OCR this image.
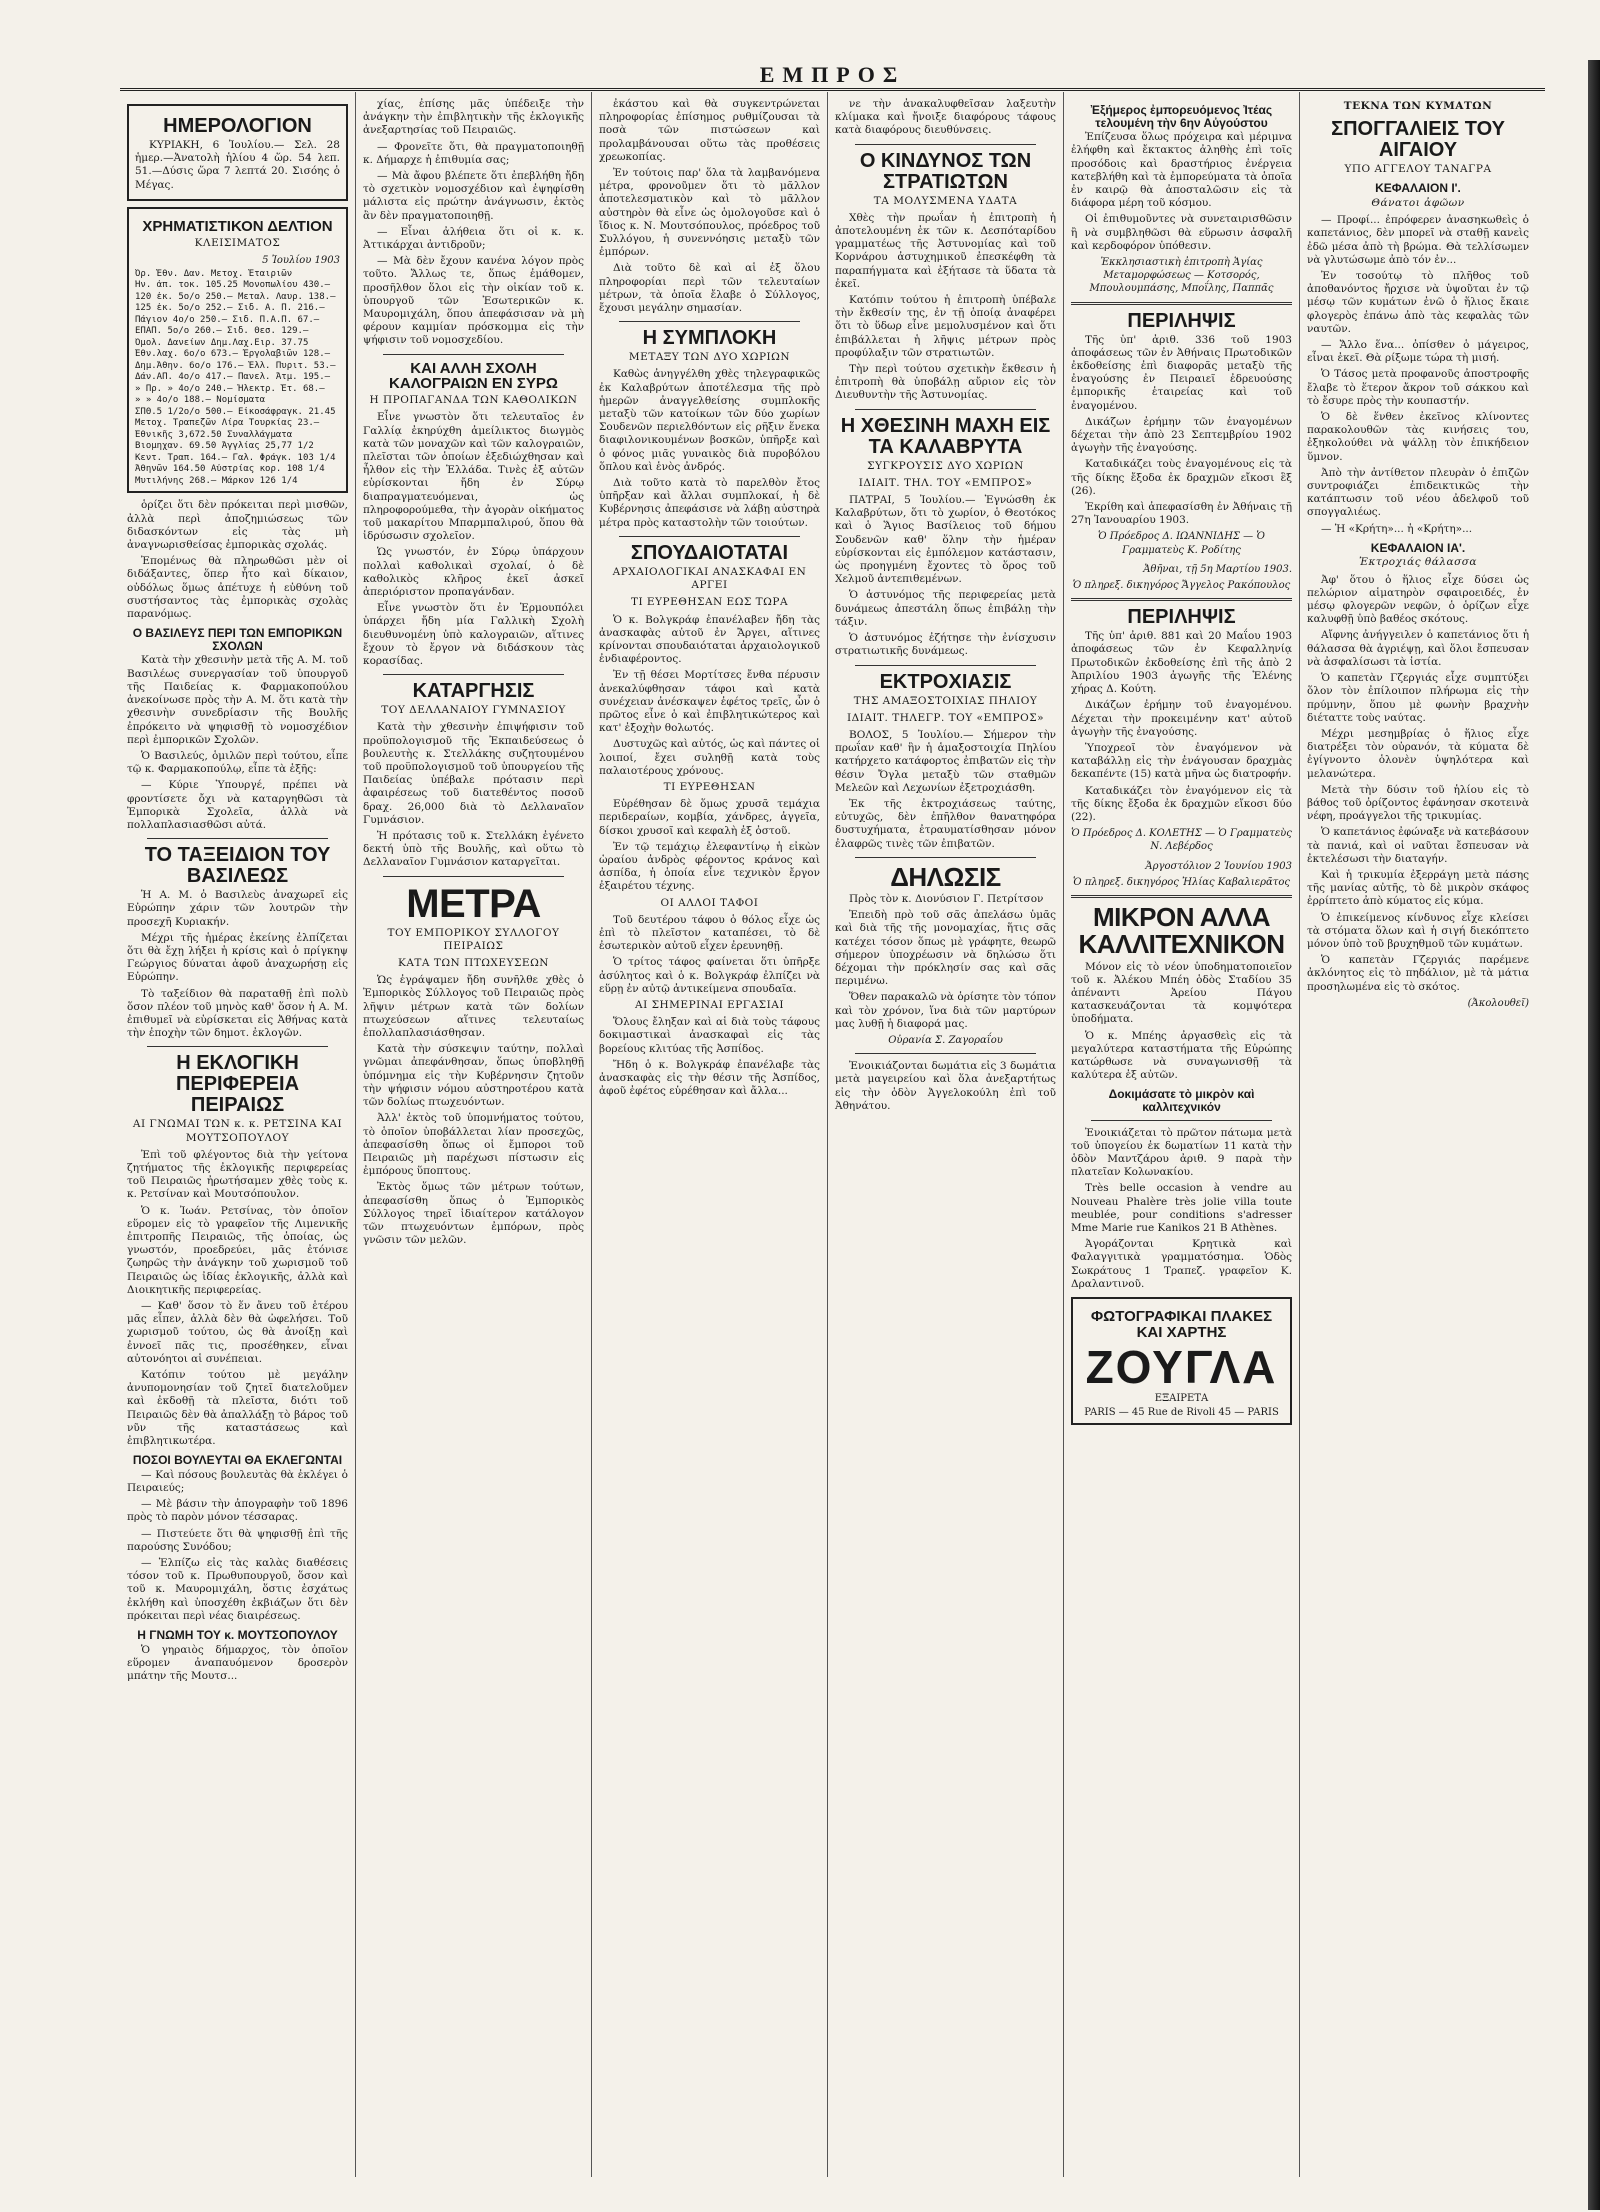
ΕΜΠΡΟΣ
ΗΜΕΡΟΛΟΓΙΟΝ

ΚΥΡΙΑΚΗ, 6 Ἰουλίου.— Σελ. 28 ἡμερ.—Ἀνατολὴ ἡλίου 4 ὥρ. 54 λεπ. 51.—Δύσις ὥρα 7 λεπτά 20. Σισόης ὁ Μέγας.

ΧΡΗΜΑΤΙΣΤΙΚΟΝ ΔΕΛΤΙΟΝ
ΚΛΕΙΣΙΜΑΤΟΣ
5 Ἰουλίου 1903
Ὀρ. Ἐθν. Δαν. Μετοχ. Ἑταιριῶν
Ἡν. ἀπ. τοκ. 105.25 Μονοπωλίου 430.—
120 ἐκ. 5ο/ο 250.— Μεταλ. Λαυρ. 138.—
125 ἐκ. 5ο/ο 252.— Σιδ. Α. Π. 216.—
Πάγιον 4ο/ο 250.— Σιδ. Π.Α.Π. 67.—
ΕΠΑΠ. 5ο/ο 260.— Σιδ. Θεσ. 129.—
Ὁμολ. Δανείων Δημ.Λαχ.Ειρ. 37.75
Ἐθν.λαχ. 6ο/ο 673.— Ἐργολαβιῶν 128.—
Δημ.Ἀθην. 6ο/ο 176.— Ἑλλ. Πυριτ. 53.—
Δάν.ΑΠ. 4ο/ο 417.— Πανελ. Ἀτμ. 195.—
» Πρ. » 4ο/ο 240.— Ἠλεκτρ. Ἑτ. 68.—
» » 4ο/ο 188.— Νομίσματα
ΣΠΘ.5 1/2ο/ο 500.— Εἰκοσάφραγκ. 21.45
Μετοχ. Τραπεζῶν Λίρα Τουρκίας 23.—
Ἐθνικῆς 3,672.50 Συναλλάγματα
Βιομηχαν. 69.50 Ἀγγλίας 25,77 1/2
Κεντ. Τραπ. 164.— Γαλ. Φράγκ. 103 1/4
Ἀθηνῶν 164.50 Αὐστρίας κορ. 108 1/4
Μυτιλήνης 268.— Μάρκον 126 1/4

ὁρίζει ὅτι δὲν πρόκειται περὶ μισθῶν, ἀλλὰ περὶ ἀποζημιώσεως τῶν διδασκόντων εἰς τὰς μὴ ἀναγνωρισθείσας ἐμπορικὰς σχολάς.

Ἐπομένως θὰ πληρωθῶσι μὲν οἱ διδάξαντες, ὅπερ ἦτο καὶ δίκαιον, οὐδόλως ὅμως ἀπέτυχε ἡ εὐθύνη τοῦ συστήσαντος τὰς ἐμπορικὰς σχολὰς παρανόμως.

Ο ΒΑΣΙΛΕΥΣ ΠΕΡΙ ΤΩΝ ΕΜΠΟΡΙΚΩΝ ΣΧΟΛΩΝ

Κατὰ τὴν χθεσινὴν μετὰ τῆς Α. Μ. τοῦ Βασιλέως συνεργασίαν τοῦ ὑπουργοῦ τῆς Παιδείας κ. Φαρμακοπούλου ἀνεκοίνωσε πρὸς τὴν Α. Μ. ὅτι κατὰ τὴν χθεσινὴν συνεδρίασιν τῆς Βουλῆς ἐπρόκειτο νὰ ψηφισθῇ τὸ νομοσχέδιον περὶ ἐμπορικῶν Σχολῶν.

Ὁ Βασιλεύς, ὁμιλῶν περὶ τούτου, εἶπε τῷ κ. Φαρμακοπούλῳ, εἶπε τὰ ἑξῆς:

— Κύριε Ὑπουργέ, πρέπει νὰ φροντίσετε ὄχι νὰ καταργηθῶσι τὰ Ἐμπορικὰ Σχολεῖα, ἀλλὰ νὰ πολλαπλασιασθῶσι αὐτά.

ΤΟ ΤΑΞΕΙΔΙΟΝ ΤΟΥ ΒΑΣΙΛΕΩΣ

Ἡ Α. Μ. ὁ Βασιλεὺς ἀναχωρεῖ εἰς Εὐρώπην χάριν τῶν λουτρῶν τὴν προσεχῆ Κυριακήν.

Μέχρι τῆς ἡμέρας ἐκείνης ἐλπίζεται ὅτι θὰ ἔχῃ λήξει ἡ κρίσις καὶ ὁ πρίγκηψ Γεώργιος δύναται ἀφοῦ ἀναχωρήσῃ εἰς Εὐρώπην.

Τὸ ταξείδιον θὰ παραταθῇ ἐπὶ πολὺ ὅσον πλέον τοῦ μηνὸς καθ' ὅσον ἡ Α. Μ. ἐπιθυμεῖ νὰ εὑρίσκεται εἰς Ἀθήνας κατὰ τὴν ἐποχὴν τῶν δημοτ. ἐκλογῶν.

Η ΕΚΛΟΓΙΚΗ ΠΕΡΙΦΕΡΕΙΑ ΠΕΙΡΑΙΩΣ
ΑΙ ΓΝΩΜΑΙ ΤΩΝ κ. κ. ΡΕΤΣΙΝΑ ΚΑΙ ΜΟΥΤΣΟΠΟΥΛΟΥ

Ἐπὶ τοῦ φλέγοντος διὰ τὴν γείτονα ζητήματος τῆς ἐκλογικῆς περιφερείας τοῦ Πειραιῶς ἠρωτήσαμεν χθὲς τοὺς κ. κ. Ρετσίναν καὶ Μουτσόπουλον.

Ὁ κ. Ἰωάν. Ρετσίνας, τὸν ὁποῖον εὕρομεν εἰς τὸ γραφεῖον τῆς Λιμενικῆς ἐπιτροπῆς Πειραιῶς, τῆς ὁποίας, ὡς γνωστόν, προεδρεύει, μᾶς ἐτόνισε ζωηρῶς τὴν ἀνάγκην τοῦ χωρισμοῦ τοῦ Πειραιῶς ὡς ἰδίας ἐκλογικῆς, ἀλλὰ καὶ Διοικητικῆς περιφερείας.

— Καθ' ὅσον τὸ ἕν ἄνευ τοῦ ἑτέρου μᾶς εἶπεν, ἀλλὰ δὲν θὰ ὠφελήσει. Τοῦ χωρισμοῦ τούτου, ὡς θὰ ἀνοίξῃ καὶ ἐννοεῖ πᾶς τις, προσέθηκεν, εἶναι αὐτονόητοι αἱ συνέπειαι.

Κατόπιν τούτου μὲ μεγάλην ἀνυπομονησίαν τοῦ ζητεῖ διατελοῦμεν καὶ ἐκδοθῇ τὰ πλεῖστα, διότι τοῦ Πειραιῶς δὲν θὰ ἀπαλλάξῃ τὸ βάρος τοῦ νῦν τῆς καταστάσεως καὶ ἐπιβλητικωτέρα.

ΠΟΣΟΙ ΒΟΥΛΕΥΤΑΙ ΘΑ ΕΚΛΕΓΩΝΤΑΙ

— Καὶ πόσους βουλευτὰς θὰ ἐκλέγει ὁ Πειραιεύς;

— Μὲ βάσιν τὴν ἀπογραφὴν τοῦ 1896 πρὸς τὸ παρὸν μόνον τέσσαρας.

— Πιστεύετε ὅτι θὰ ψηφισθῇ ἐπὶ τῆς παρούσης Συνόδου;

— Ἐλπίζω εἰς τὰς καλὰς διαθέσεις τόσον τοῦ κ. Πρωθυπουργοῦ, ὅσον καὶ τοῦ κ. Μαυρομιχάλη, ὅστις ἐσχάτως ἐκλήθη καὶ ὑποσχέθη ἐκβιάζων ὅτι δὲν πρόκειται περὶ νέας διαιρέσεως.

Η ΓΝΩΜΗ ΤΟΥ κ. ΜΟΥΤΣΟΠΟΥΛΟΥ

Ὁ γηραιὸς δήμαρχος, τὸν ὁποῖον εὕρομεν ἀναπαυόμενον δροσερὸν μπάτην τῆς Μουτσ...

χίας, ἐπίσης μᾶς ὑπέδειξε τὴν ἀνάγκην τὴν ἐπιβλητικὴν τῆς ἐκλογικῆς ἀνεξαρτησίας τοῦ Πειραιῶς.

— Φρονεῖτε ὅτι, θὰ πραγματοποιηθῇ κ. Δήμαρχε ἡ ἐπιθυμία σας;

— Μὰ ἄφου βλέπετε ὅτι ἐπεβλήθη ἤδη τὸ σχετικὸν νομοσχέδιον καὶ ἐψηφίσθη μάλιστα εἰς πρώτην ἀνάγνωσιν, ἐκτὸς ἂν δὲν πραγματοποιηθῇ.

— Εἶναι ἀλήθεια ὅτι οἱ κ. κ. Ἀττικάρχαι ἀντιδροῦν;

— Μὰ δὲν ἔχουν κανένα λόγον πρὸς τοῦτο. Ἄλλως τε, ὅπως ἐμάθομεν, προσῆλθον ὅλοι εἰς τὴν οἰκίαν τοῦ κ. ὑπουργοῦ τῶν Ἐσωτερικῶν κ. Μαυρομιχάλη, ὅπου ἀπεφάσισαν νὰ μὴ φέρουν καμμίαν πρόσκομμα εἰς τὴν ψήφισιν τοῦ νομοσχεδίου.

ΚΑΙ ΑΛΛΗ ΣΧΟΛΗ ΚΑΛΟΓΡΑΙΩΝ ΕΝ ΣΥΡΩ
Η ΠΡΟΠΑΓΑΝΔΑ ΤΩΝ ΚΑΘΟΛΙΚΩΝ

Εἶνε γνωστὸν ὅτι τελευταῖος ἐν Γαλλίᾳ ἐκηρύχθη ἀμείλικτος διωγμὸς κατὰ τῶν μοναχῶν καὶ τῶν καλογραιῶν, πλεῖσται τῶν ὁποίων ἐξεδιώχθησαν καὶ ἦλθον εἰς τὴν Ἑλλάδα. Τινὲς ἐξ αὐτῶν εὑρίσκονται ἤδη ἐν Σύρῳ διαπραγματευόμεναι, ὡς πληροφορούμεθα, τὴν ἀγορὰν οἰκήματος τοῦ μακαρίτου Μπαρμπαλιρού, ὅπου θὰ ἱδρύσωσιν σχολεῖον.

Ὡς γνωστόν, ἐν Σύρῳ ὑπάρχουν πολλαὶ καθολικαὶ σχολαί, ὁ δὲ καθολικὸς κλῆρος ἐκεῖ ἀσκεῖ ἀπεριόριστον προπαγάνδαν.

Εἶνε γνωστὸν ὅτι ἐν Ἑρμουπόλει ὑπάρχει ἤδη μία Γαλλικὴ Σχολὴ διευθυνομένη ὑπὸ καλογραιῶν, αἵτινες ἔχουν τὸ ἔργον νὰ διδάσκουν τὰς κορασίδας.

ΚΑΤΑΡΓΗΣΙΣ
ΤΟΥ ΔΕΛΛΑΝΑΙΟΥ ΓΥΜΝΑΣΙΟΥ

Κατὰ τὴν χθεσινὴν ἐπιψήφισιν τοῦ προϋπολογισμοῦ τῆς Ἐκπαιδεύσεως ὁ βουλευτὴς κ. Στελλάκης συζητουμένου τοῦ προϋπολογισμοῦ τοῦ ὑπουργείου τῆς Παιδείας ὑπέβαλε πρότασιν περὶ ἀφαιρέσεως τοῦ διατεθέντος ποσοῦ δραχ. 26,000 διὰ τὸ Δελλαναῖον Γυμνάσιον.

Ἡ πρότασις τοῦ κ. Στελλάκη ἐγένετο δεκτή ὑπὸ τῆς Βουλῆς, καὶ οὕτω τὸ Δελλαναῖον Γυμνάσιον καταργεῖται.

ΜΕΤΡΑ
ΤΟΥ ΕΜΠΟΡΙΚΟΥ ΣΥΛΛΟΓΟΥ ΠΕΙΡΑΙΩΣ
ΚΑΤΑ ΤΩΝ ΠΤΩΧΕΥΣΕΩΝ

Ὡς ἐγράψαμεν ἤδη συνῆλθε χθὲς ὁ Ἐμπορικὸς Σύλλογος τοῦ Πειραιῶς πρὸς λῆψιν μέτρων κατὰ τῶν δολίων πτωχεύσεων αἵτινες τελευταίως ἐπολλαπλασιάσθησαν.

Κατὰ τὴν σύσκεψιν ταύτην, πολλαὶ γνῶμαι ἀπεφάνθησαν, ὅπως ὑποβληθῇ ὑπόμνημα εἰς τὴν Κυβέρνησιν ζητοῦν τὴν ψήφισιν νόμου αὐστηροτέρου κατὰ τῶν δολίως πτωχευόντων.

Ἀλλ' ἐκτὸς τοῦ ὑπομνήματος τούτου, τὸ ὁποῖον ὑποβάλλεται λίαν προσεχῶς, ἀπεφασίσθη ὅπως οἱ ἔμποροι τοῦ Πειραιῶς μὴ παρέχωσι πίστωσιν εἰς ἐμπόρους ὕποπτους.

Ἐκτὸς ὅμως τῶν μέτρων τούτων, ἀπεφασίσθη ὅπως ὁ Ἐμπορικὸς Σύλλογος τηρεῖ ἰδιαίτερον κατάλογον τῶν πτωχευόντων ἐμπόρων, πρὸς γνῶσιν τῶν μελῶν.

ἐκάστου καὶ θὰ συγκεντρώνεται πληροφορίας ἐπίσημος ρυθμίζουσαι τὰ ποσὰ τῶν πιστώσεων καὶ προλαμβάνουσαι οὕτω τὰς προθέσεις χρεωκοπίας.

Ἐν τούτοις παρ' ὅλα τὰ λαμβανόμενα μέτρα, φρονοῦμεν ὅτι τὸ μᾶλλον ἀποτελεσματικὸν καὶ τὸ μᾶλλον αὐστηρὸν θὰ εἶνε ὡς ὁμολογοῦσε καὶ ὁ ἴδιος κ. Ν. Μουτσόπουλος, πρόεδρος τοῦ Συλλόγου, ἡ συνεννόησις μεταξὺ τῶν ἐμπόρων.

Διὰ τοῦτο δὲ καὶ αἱ ἐξ ὅλου πληροφορίαι περὶ τῶν τελευταίων μέτρων, τὰ ὁποῖα ἔλαβε ὁ Σύλλογος, ἔχουσι μεγάλην σημασίαν.

Η ΣΥΜΠΛΟΚΗ
ΜΕΤΑΞΥ ΤΩΝ ΔΥΟ ΧΩΡΙΩΝ

Καθὼς ἀνηγγέλθη χθὲς τηλεγραφικῶς ἐκ Καλαβρύτων ἀποτέλεσμα τῆς πρὸ ἡμερῶν ἀναγγελθείσης συμπλοκῆς μεταξὺ τῶν κατοίκων τῶν δύο χωρίων Σουδενῶν περιελθόντων εἰς ρῆξιν ἕνεκα διαφιλονικουμένων βοσκῶν, ὑπῆρξε καὶ ὁ φόνος μιᾶς γυναικὸς διὰ πυροβόλου ὅπλου καὶ ἑνὸς ἀνδρός.

Διὰ τοῦτο κατὰ τὸ παρελθὸν ἔτος ὑπῆρξαν καὶ ἄλλαι συμπλοκαί, ἡ δὲ Κυβέρνησις ἀπεφάσισε νὰ λάβῃ αὐστηρὰ μέτρα πρὸς καταστολὴν τῶν τοιούτων.

ΣΠΟΥΔΑΙΟΤΑΤΑΙ
ΑΡΧΑΙΟΛΟΓΙΚΑΙ ΑΝΑΣΚΑΦΑΙ ΕΝ ΑΡΓΕΙ
ΤΙ ΕΥΡΕΘΗΣΑΝ ΕΩΣ ΤΩΡΑ

Ὁ κ. Βολγκράφ ἐπανέλαβεν ἤδη τὰς ἀνασκαφὰς αὐτοῦ ἐν Ἄργει, αἵτινες κρίνονται σπουδαιόταται ἀρχαιολογικοῦ ἐνδιαφέροντος.

Ἐν τῇ θέσει Μορτίτσες ἔνθα πέρυσιν ἀνεκαλύφθησαν τάφοι καὶ κατὰ συνέχειαν ἀνέσκαψεν ἐφέτος τρεῖς, ὧν ὁ πρῶτος εἶνε ὁ καὶ ἐπιβλητικώτερος καὶ κατ' ἐξοχὴν θολωτός.

Δυστυχῶς καὶ αὐτός, ὡς καὶ πάντες οἱ λοιποί, ἔχει συληθῇ κατὰ τοὺς παλαιοτέρους χρόνους.

ΤΙ ΕΥΡΕΘΗΣΑΝ

Εὑρέθησαν δὲ ὅμως χρυσᾶ τεμάχια περιδεραίων, κομβία, χάνδρες, ἀγγεῖα, δίσκοι χρυσοῖ καὶ κεφαλὴ ἐξ ὀστοῦ.

Ἐν τῷ τεμάχιῳ ἐλεφαντίνῳ ἡ εἰκὼν ὡραίου ἀνδρὸς φέροντος κράνος καὶ ἀσπίδα, ἡ ὁποία εἶνε τεχνικὸν ἔργον ἐξαιρέτου τέχνης.

ΟΙ ΑΛΛΟΙ ΤΑΦΟΙ

Τοῦ δευτέρου τάφου ὁ θόλος εἶχε ὡς ἐπὶ τὸ πλεῖστον καταπέσει, τὸ δὲ ἐσωτερικὸν αὐτοῦ εἶχεν ἐρευνηθῇ.

Ὁ τρίτος τάφος φαίνεται ὅτι ὑπῆρξε ἀσύλητος καὶ ὁ κ. Βολγκράφ ἐλπίζει νὰ εὕρῃ ἐν αὐτῷ ἀντικείμενα σπουδαῖα.

ΑΙ ΣΗΜΕΡΙΝΑΙ ΕΡΓΑΣΙΑΙ

Ὅλους ἔληξαν καὶ αἱ διὰ τοὺς τάφους δοκιμαστικαὶ ἀνασκαφαὶ εἰς τὰς βορείους κλιτύας τῆς Ἀσπίδος.

Ἤδη ὁ κ. Βολγκράφ ἐπανέλαβε τὰς ἀνασκαφὰς εἰς τὴν θέσιν τῆς Ἀσπίδος, ἀφοῦ ἐφέτος εὑρέθησαν καὶ ἄλλα...

νε τὴν ἀνακαλυφθεῖσαν λαξευτὴν κλίμακα καὶ ἤνοιξε διαφόρους τάφους κατὰ διαφόρους διευθύνσεις.

Ο ΚΙΝΔΥΝΟΣ ΤΩΝ ΣΤΡΑΤΙΩΤΩΝ
ΤΑ ΜΟΛΥΣΜΕΝΑ ΥΔΑΤΑ

Χθὲς τὴν πρωΐαν ἡ ἐπιτροπὴ ἡ ἀποτελουμένη ἐκ τῶν κ. Δεσπόταρίδου γραμματέως τῆς Ἀστυνομίας καὶ τοῦ Κορνάρου ἀστυχημικοῦ ἐπεσκέφθη τὰ παραπήγματα καὶ ἐξήτασε τὰ ὕδατα τὰ ἐκεῖ.

Κατόπιν τούτου ἡ ἐπιτροπὴ ὑπέβαλε τὴν ἔκθεσίν της, ἐν τῇ ὁποίᾳ ἀναφέρει ὅτι τὸ ὕδωρ εἶνε μεμολυσμένον καὶ ὅτι ἐπιβάλλεται ἡ λῆψις μέτρων πρὸς προφύλαξιν τῶν στρατιωτῶν.

Τὴν περὶ τούτου σχετικὴν ἔκθεσιν ἡ ἐπιτροπὴ θὰ ὑποβάλῃ αὔριον εἰς τὸν Διευθυντὴν τῆς Ἀστυνομίας.

Η ΧΘΕΣΙΝΗ ΜΑΧΗ ΕΙΣ ΤΑ ΚΑΛΑΒΡΥΤΑ
ΣΥΓΚΡΟΥΣΙΣ ΔΥΟ ΧΩΡΙΩΝ
ΙΔΙΑΙΤ. ΤΗΛ. ΤΟΥ «ΕΜΠΡΟΣ»

ΠΑΤΡΑΙ, 5 Ἰουλίου.— Ἐγνώσθη ἐκ Καλαβρύτων, ὅτι τὸ χωρίον, ὁ Θεοτόκος καὶ ὁ Ἅγιος Βασίλειος τοῦ δήμου Σουδενῶν καθ' ὅλην τὴν ἡμέραν εὑρίσκονται εἰς ἐμπόλεμον κατάστασιν, ὡς προηγμένη ἔχοντες τὸ ὅρος τοῦ Χελμοῦ ἀντεπιθεμένων.

Ὁ ἀστυνόμος τῆς περιφερείας μετὰ δυνάμεως ἀπεστάλη ὅπως ἐπιβάλῃ τὴν τάξιν.

Ὁ ἀστυνόμος ἐζήτησε τὴν ἐνίσχυσιν στρατιωτικῆς δυνάμεως.

ΕΚΤΡΟΧΙΑΣΙΣ
ΤΗΣ ΑΜΑΞΟΣΤΟΙΧΙΑΣ ΠΗΛΙΟΥ
ΙΔΙΑΙΤ. ΤΗΛΕΓΡ. ΤΟΥ «ΕΜΠΡΟΣ»

ΒΟΛΟΣ, 5 Ἰουλίου.— Σήμερον τὴν πρωΐαν καθ' ἣν ἡ ἁμαξοστοιχία Πηλίου κατήρχετο κατάφορτος ἐπιβατῶν εἰς τὴν θέσιν Ὄγλα μεταξὺ τῶν σταθμῶν Μελεῶν καὶ Λεχωνίων ἐξετροχιάσθη.

Ἐκ τῆς ἐκτροχιάσεως ταύτης, εὐτυχῶς, δὲν ἐπῆλθον θανατηφόρα δυστυχήματα, ἐτραυματίσθησαν μόνον ἐλαφρῶς τινὲς τῶν ἐπιβατῶν.

ΔΗΛΩΣΙΣ

Πρὸς τὸν κ. Διονύσιον Γ. Πετρίτσον

Ἐπειδὴ πρὸ τοῦ σᾶς ἀπελάσω ὑμᾶς καὶ διὰ τῆς τῆς μονομαχίας, ἥτις σᾶς κατέχει τόσον ὅπως μὲ γράφητε, θεωρῶ σήμερον ὑποχρέωσιν νὰ δηλώσω ὅτι δέχομαι τὴν πρόκλησίν σας καὶ σᾶς περιμένω.

Ὅθεν παρακαλῶ νὰ ὁρίσητε τὸν τόπον καὶ τὸν χρόνον, ἵνα διὰ τῶν μαρτύρων μας λυθῇ ἡ διαφορά μας.

Οὐρανία Σ. Ζαγοραΐου

Ἐνοικιάζονται δωμάτια εἰς 3 δωμάτια μετὰ μαγειρείου καὶ ὅλα ἀνεξαρτήτως εἰς τὴν ὁδὸν Ἀγγελοκούλη ἐπὶ τοῦ Ἀθηνάτου.

Ἐξήμερος ἐμπορευόμενος Ἰτέας τελουμένη τὴν 6ην Αὐγούστου

Ἐπίζευσα ὅλως πρόχειρα καὶ μέριμνα ἐλήφθη καὶ ἔκτακτος ἀληθὴς ἐπὶ τοῖς προσόδοις καὶ δραστήριος ἐνέργεια κατεβλήθη καὶ τὰ ἐμπορεύματα τὰ ὁποῖα ἐν καιρῷ θὰ ἀποσταλῶσιν εἰς τὰ διάφορα μέρη τοῦ κόσμου.

Οἱ ἐπιθυμοῦντες νὰ συνεταιρισθῶσιν ἢ νὰ συμβληθῶσι θὰ εὕρωσιν ἀσφαλῆ καὶ κερδοφόρον ὑπόθεσιν.

Ἐκκλησιαστικὴ ἐπιτροπὴ Ἁγίας Μεταμορφώσεως — Κοτσορός, Μπουλουμπάσης, Μποΐλης, Παππᾶς
ΠΕΡΙΛΗΨΙΣ

Τῆς ὑπ' ἀριθ. 336 τοῦ 1903 ἀποφάσεως τῶν ἐν Ἀθήναις Πρωτοδικῶν ἐκδοθείσης ἐπὶ διαφορᾶς μεταξὺ τῆς ἐναγούσης ἐν Πειραιεῖ ἐδρευούσης ἐμπορικῆς ἑταιρείας καὶ τοῦ ἐναγομένου.

Δικάζων ἐρήμην τῶν ἐναγομένων δέχεται τὴν ἀπὸ 23 Σεπτεμβρίου 1902 ἀγωγὴν τῆς ἐναγούσης.

Καταδικάζει τοὺς ἐναγομένους εἰς τὰ τῆς δίκης ἔξοδα ἐκ δραχμῶν εἴκοσι ἓξ (26).

Ἐκρίθη καὶ ἀπεφασίσθη ἐν Ἀθήναις τῇ 27η Ἰανουαρίου 1903.

Ὁ Πρόεδρος Δ. ΙΩΑΝΝΙΔΗΣ — Ὁ Γραμματεὺς Κ. Ροδίτης
Ἀθῆναι, τῇ 5η Μαρτίου 1903.
Ὁ πληρεξ. δικηγόρος Ἄγγελος Ρακόπουλος
ΠΕΡΙΛΗΨΙΣ

Τῆς ὑπ' ἀριθ. 881 καὶ 20 Μαΐου 1903 ἀποφάσεως τῶν ἐν Κεφαλληνίᾳ Πρωτοδικῶν ἐκδοθείσης ἐπὶ τῆς ἀπὸ 2 Ἀπριλίου 1903 ἀγωγῆς τῆς Ἑλένης χήρας Δ. Κούτη.

Δικάζων ἐρήμην τοῦ ἐναγομένου. Δέχεται τὴν προκειμένην κατ' αὐτοῦ ἀγωγὴν τῆς ἐναγούσης.

Ὑποχρεοῖ τὸν ἐναγόμενον νὰ καταβάλλῃ εἰς τὴν ἐνάγουσαν δραχμὰς δεκαπέντε (15) κατὰ μῆνα ὡς διατροφήν.

Καταδικάζει τὸν ἐναγόμενον εἰς τὰ τῆς δίκης ἔξοδα ἐκ δραχμῶν εἴκοσι δύο (22).

Ὁ Πρόεδρος Δ. ΚΟΛΕΤΗΣ — Ὁ Γραμματεὺς Ν. Λεβέρδος
Ἀργοστόλιον 2 Ἰουνίου 1903
Ὁ πληρεξ. δικηγόρος Ἠλίας Καβαλιερᾶτος
ΜΙΚΡΟΝ ΑΛΛΑ ΚΑΛΛΙΤΕΧΝΙΚΟΝ

Μόνον εἰς τὸ νέον ὑποδηματοποιεῖον τοῦ κ. Ἀλέκου Μπέη ὁδὸς Σταδίου 35 ἀπέναντι Ἀρείου Πάγου κατασκευάζονται τὰ κομψότερα ὑποδήματα.

Ὁ κ. Μπέης ἀργασθεὶς εἰς τὰ μεγαλύτερα καταστήματα τῆς Εὐρώπης κατώρθωσε νὰ συναγωνισθῇ τὰ καλύτερα ἐξ αὐτῶν.

Δοκιμάσατε τὸ μικρὸν καὶ καλλιτεχνικόν

Ἐνοικιάζεται τὸ πρῶτον πάτωμα μετὰ τοῦ ὑπογείου ἐκ δωματίων 11 κατὰ τὴν ὁδὸν Μαντζάρου ἀριθ. 9 παρὰ τὴν πλατεῖαν Κολωνακίου.

Très belle occasion à vendre au Nouveau Phalère très jolie villa toute meublée, pour conditions s'adresser Mme Marie rue Kanikos 21 B Athènes.

Ἀγοράζονται Κρητικὰ καὶ Φαλαγγιτικὰ γραμματόσημα. Ὁδὸς Σωκράτους 1 Τραπεζ. γραφεῖον Κ. Δραλαντινοῦ.

ΦΩΤΟΓΡΑΦΙΚΑΙ ΠΛΑΚΕΣ ΚΑΙ ΧΑΡΤΗΣ
ΖΟΥΓΛΑ
ΕΞΑΙΡΕΤΑ
PARIS — 45 Rue de Rivoli 45 — PARIS
ΤΕΚΝΑ ΤΩΝ ΚΥΜΑΤΩΝ
ΣΠΟΓΓΑΛΙΕΙΣ ΤΟΥ ΑΙΓΑΙΟΥ
ΥΠΟ ΑΓΓΕΛΟΥ ΤΑΝΑΓΡΑ
ΚΕΦΑΛΑΙΟΝ Ι'.
Θάνατοι ἀφῶων

— Προφί... ἐπρόφερεν ἀνασηκωθεὶς ὁ καπετάνιος, δὲν μπορεῖ νὰ σταθῇ κανεὶς ἐδῶ μέσα ἀπὸ τὴ βρώμα. Θὰ τελλίσωμεν νὰ γλυτώσωμε ἀπὸ τόν ἐν...

Ἐν τοσούτῳ τὸ πλῆθος τοῦ ἀποθανόντος ἤρχισε νὰ ὑψοῦται ἐν τῷ μέσῳ τῶν κυμάτων ἐνῶ ὁ ἥλιος ἔκαιε φλογερὸς ἐπάνω ἀπὸ τὰς κεφαλὰς τῶν ναυτῶν.

— Ἄλλο ἕνα... ὀπίσθεν ὁ μάγειρος, εἶναι ἐκεῖ. Θὰ ρίξωμε τώρα τὴ μισή.

Ὁ Τάσος μετὰ προφανοῦς ἀποστροφῆς ἔλαβε τὸ ἕτερον ἄκρον τοῦ σάκκου καὶ τὸ ἔσυρε πρὸς τὴν κουπαστήν.

Ὁ δὲ ἕνθεν ἐκεῖνος κλίνοντες παρακολουθῶν τὰς κινήσεις του, ἐξηκολούθει νὰ ψάλλῃ τὸν ἐπικήδειον ὕμνον.

Ἀπὸ τὴν ἀντίθετον πλευρὰν ὁ ἐπιζῶν συντροφιάζει ἐπιδεικτικῶς τὴν κατάπτωσιν τοῦ νέου ἀδελφοῦ τοῦ σπογγαλιέως.

— Ἡ «Κρήτη»... ἡ «Κρήτη»...

ΚΕΦΑΛΑΙΟΝ ΙΑ'.
Ἐκτροχιάς θάλασσα

Ἀφ' ὅτου ὁ ἥλιος εἶχε δύσει ὡς πελώριον αἱματηρὸν σφαιροειδές, ἐν μέσῳ φλογερῶν νεφῶν, ὁ ὁρίζων εἶχε καλυφθῇ ὑπὸ βαθέος σκότους.

Αἴφνης ἀνήγγειλεν ὁ καπετάνιος ὅτι ἡ θάλασσα θὰ ἀγριέψῃ, καὶ ὅλοι ἔσπευσαν νὰ ἀσφαλίσωσι τὰ ἱστία.

Ὁ καπετὰν Γζεργιάς εἶχε συμπτύξει ὅλον τὸν ἐπίλοιπον πλήρωμα εἰς τὴν πρύμνην, ὅπου μὲ φωνὴν βραχνὴν διέταττε τοὺς ναύτας.

Μέχρι μεσημβρίας ὁ ἥλιος εἶχε διατρέξει τὸν οὐρανόν, τὰ κύματα δὲ ἐγίγνοντο ὁλονὲν ὑψηλότερα καὶ μελανώτερα.

Μετὰ τὴν δύσιν τοῦ ἡλίου εἰς τὸ βάθος τοῦ ὁρίζοντος ἐφάνησαν σκοτεινὰ νέφη, προάγγελοι τῆς τρικυμίας.

Ὁ καπετάνιος ἐφώναξε νὰ κατεβάσουν τὰ πανιά, καὶ οἱ ναῦται ἔσπευσαν νὰ ἐκτελέσωσι τὴν διαταγήν.

Καὶ ἡ τρικυμία ἐξερράγη μετὰ πάσης τῆς μανίας αὐτῆς, τὸ δὲ μικρὸν σκάφος ἐρρίπτετο ἀπὸ κύματος εἰς κύμα.

Ὁ ἐπικείμενος κίνδυνος εἶχε κλείσει τὰ στόματα ὅλων καὶ ἡ σιγή διεκόπτετο μόνον ὑπὸ τοῦ βρυχηθμοῦ τῶν κυμάτων.

Ὁ καπετὰν Γζεργιάς παρέμενε ἀκλόνητος εἰς τὸ πηδάλιον, μὲ τὰ μάτια προσηλωμένα εἰς τὸ σκότος.

(Ἀκολουθεῖ)
